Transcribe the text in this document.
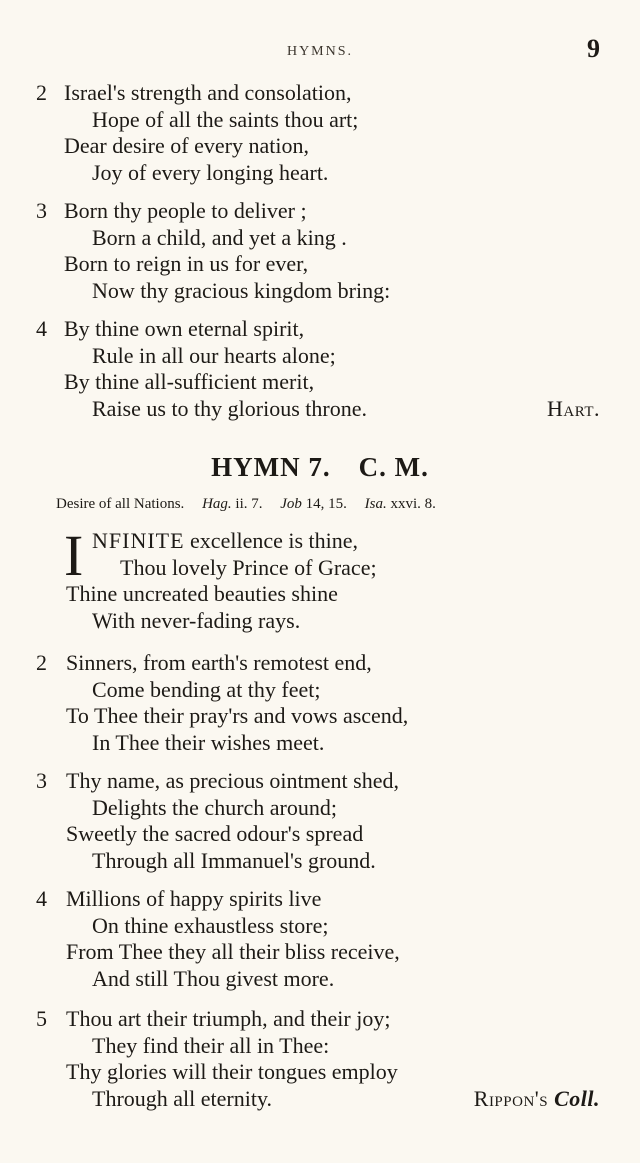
HYMNS.	9
2 Israel's strength and consolation,
Hope of all the saints thou art;
Dear desire of every nation,
Joy of every longing heart.
3 Born thy people to deliver ;
Born a child, and yet a king .
Born to reign in us for ever,
Now thy gracious kingdom bring:
4 By thine own eternal spirit,
Rule in all our hearts alone;
By thine all-sufficient merit,
Raise us to thy glorious throne.	Hart.
HYMN 7. C. M.
Desire of all Nations. Hag. ii. 7. Job 14, 15. Isa. xxvi. 8.
I NFINITE excellence is thine,
Thou lovely Prince of Grace;
Thine uncreated beauties shine
With never-fading rays.
2 Sinners, from earth's remotest end,
Come bending at thy feet;
To Thee their pray'rs and vows ascend,
In Thee their wishes meet.
3 Thy name, as precious ointment shed,
Delights the church around;
Sweetly the sacred odour's spread
Through all Immanuel's ground.
4 Millions of happy spirits live
On thine exhaustless store;
From Thee they all their bliss receive,
And still Thou givest more.
5 Thou art their triumph, and their joy;
They find their all in Thee:
Thy glories will their tongues employ
Through all eternity.	Rippon's Coll.
